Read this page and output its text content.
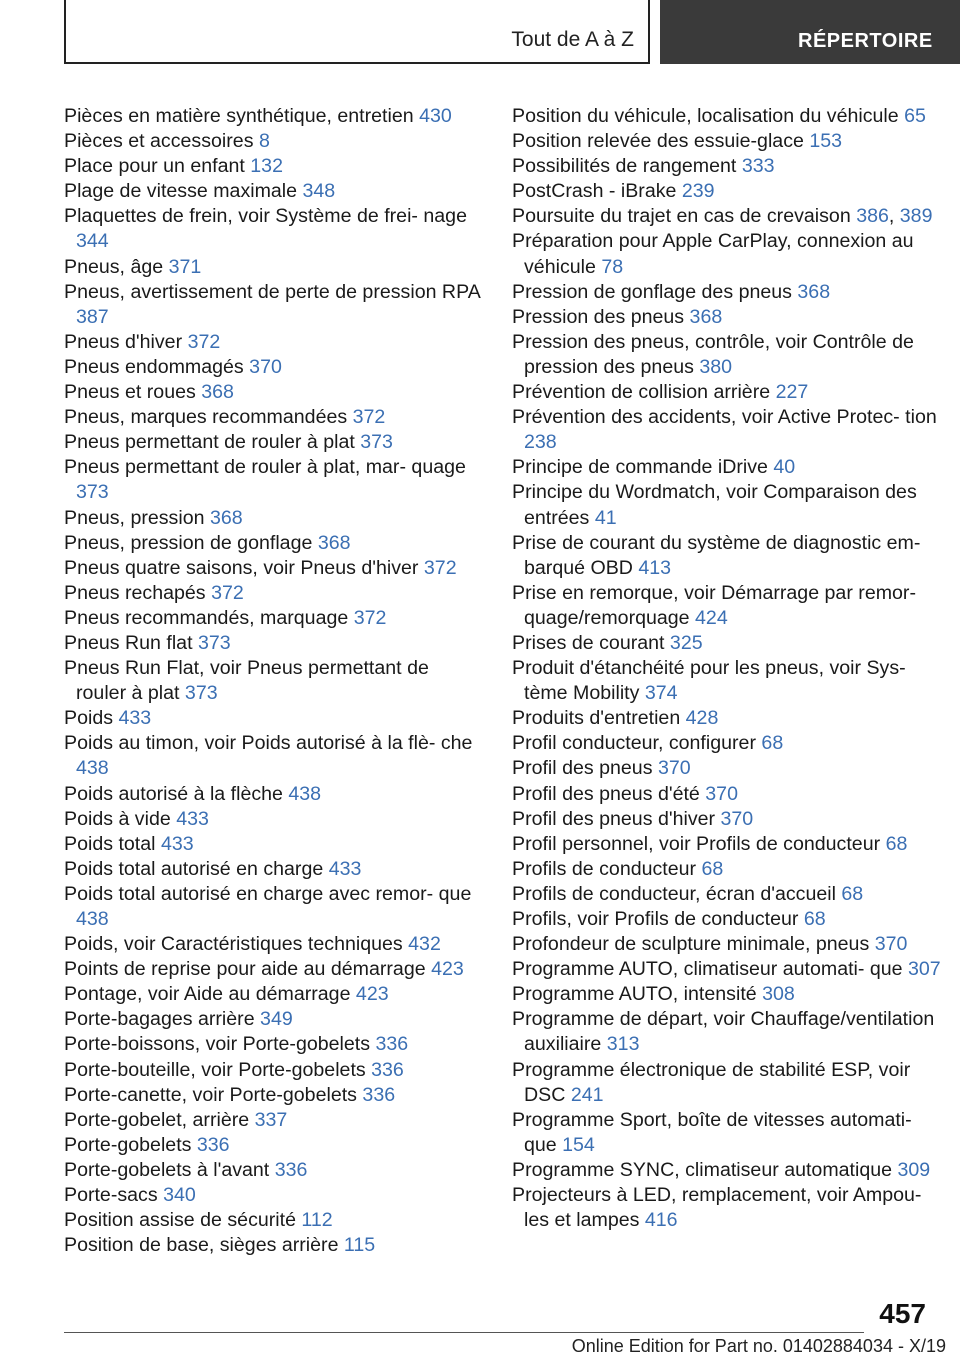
Tout de A à Z	RÉPERTOIRE
Pièces en matière synthétique, entretien 430
Pièces et accessoires 8
Place pour un enfant 132
Plage de vitesse maximale 348
Plaquettes de frein, voir Système de frei‐ nage 344
Pneus, âge 371
Pneus, avertissement de perte de pression RPA 387
Pneus d'hiver 372
Pneus endommagés 370
Pneus et roues 368
Pneus, marques recommandées 372
Pneus permettant de rouler à plat 373
Pneus permettant de rouler à plat, mar‐ quage 373
Pneus, pression 368
Pneus, pression de gonflage 368
Pneus quatre saisons, voir Pneus d'hiver 372
Pneus rechapés 372
Pneus recommandés, marquage 372
Pneus Run flat 373
Pneus Run Flat, voir Pneus permettant de rouler à plat 373
Poids 433
Poids au timon, voir Poids autorisé à la flè‐ che 438
Poids autorisé à la flèche 438
Poids à vide 433
Poids total 433
Poids total autorisé en charge 433
Poids total autorisé en charge avec remor‐ que 438
Poids, voir Caractéristiques techniques 432
Points de reprise pour aide au démarrage 423
Pontage, voir Aide au démarrage 423
Porte-bagages arrière 349
Porte-boissons, voir Porte-gobelets 336
Porte-bouteille, voir Porte-gobelets 336
Porte-canette, voir Porte-gobelets 336
Porte-gobelet, arrière 337
Porte-gobelets 336
Porte-gobelets à l'avant 336
Porte-sacs 340
Position assise de sécurité 112
Position de base, sièges arrière 115
Position du véhicule, localisation du véhicule 65
Position relevée des essuie-glace 153
Possibilités de rangement 333
PostCrash - iBrake 239
Poursuite du trajet en cas de crevaison 386, 389
Préparation pour Apple CarPlay, connexion au véhicule 78
Pression de gonflage des pneus 368
Pression des pneus 368
Pression des pneus, contrôle, voir Contrôle de pression des pneus 380
Prévention de collision arrière 227
Prévention des accidents, voir Active Protec‐ tion 238
Principe de commande iDrive 40
Principe du Wordmatch, voir Comparaison des entrées 41
Prise de courant du système de diagnostic em‐ barqué OBD 413
Prise en remorque, voir Démarrage par remor‐ quage/remorquage 424
Prises de courant 325
Produit d'étanchéité pour les pneus, voir Sys‐ tème Mobility 374
Produits d'entretien 428
Profil conducteur, configurer 68
Profil des pneus 370
Profil des pneus d'été 370
Profil des pneus d'hiver 370
Profil personnel, voir Profils de conducteur 68
Profils de conducteur 68
Profils de conducteur, écran d'accueil 68
Profils, voir Profils de conducteur 68
Profondeur de sculpture minimale, pneus 370
Programme AUTO, climatiseur automati‐ que 307
Programme AUTO, intensité 308
Programme de départ, voir Chauffage/ventilation auxiliaire 313
Programme électronique de stabilité ESP, voir DSC 241
Programme Sport, boîte de vitesses automati‐ que 154
Programme SYNC, climatiseur automatique 309
Projecteurs à LED, remplacement, voir Ampou‐ les et lampes 416
457
Online Edition for Part no. 01402884034 - X/19
